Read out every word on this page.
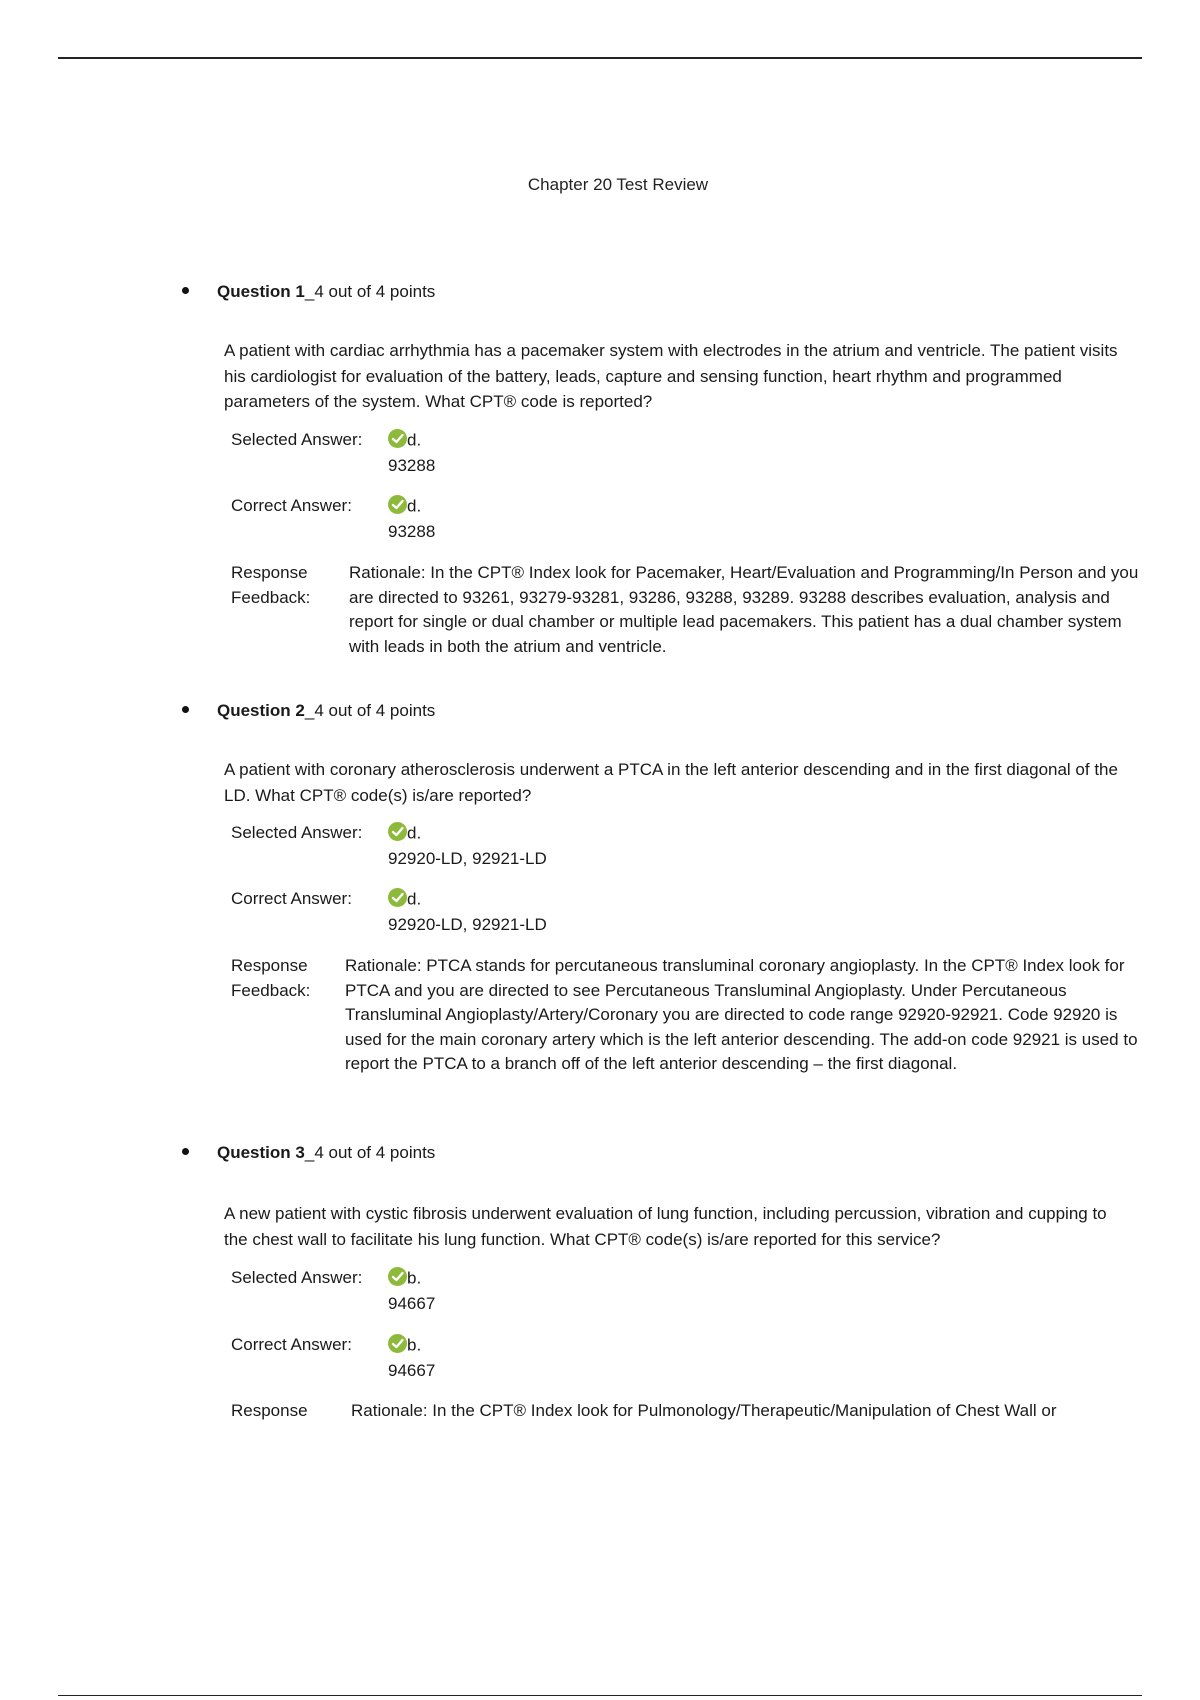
Chapter 20 Test Review
Question 1_4 out of 4 points
A patient with cardiac arrhythmia has a pacemaker system with electrodes in the atrium and ventricle. The patient visits his cardiologist for evaluation of the battery, leads, capture and sensing function, heart rhythm and programmed parameters of the system. What CPT® code is reported?
Selected Answer:	d.
93288
Correct Answer:	d.
93288
Response
Feedback:
Rationale: In the CPT® Index look for Pacemaker, Heart/Evaluation and Programming/In Person and you are directed to 93261, 93279-93281, 93286, 93288, 93289. 93288 describes evaluation, analysis and report for single or dual chamber or multiple lead pacemakers. This patient has a dual chamber system with leads in both the atrium and ventricle.
Question 2_4 out of 4 points
A patient with coronary atherosclerosis underwent a PTCA in the left anterior descending and in the first diagonal of the LD. What CPT® code(s) is/are reported?
Selected Answer:	d.
92920-LD, 92921-LD
Correct Answer:	d.
92920-LD, 92921-LD
Response
Feedback:
Rationale: PTCA stands for percutaneous transluminal coronary angioplasty. In the CPT® Index look for PTCA and you are directed to see Percutaneous Transluminal Angioplasty. Under Percutaneous Transluminal Angioplasty/Artery/Coronary you are directed to code range 92920-92921. Code 92920 is used for the main coronary artery which is the left anterior descending. The add-on code 92921 is used to report the PTCA to a branch off of the left anterior descending – the first diagonal.
Question 3_4 out of 4 points
A new patient with cystic fibrosis underwent evaluation of lung function, including percussion, vibration and cupping to the chest wall to facilitate his lung function. What CPT® code(s) is/are reported for this service?
Selected Answer:	b.
94667
Correct Answer:	b.
94667
Response	Rationale: In the CPT® Index look for Pulmonology/Therapeutic/Manipulation of Chest Wall or
